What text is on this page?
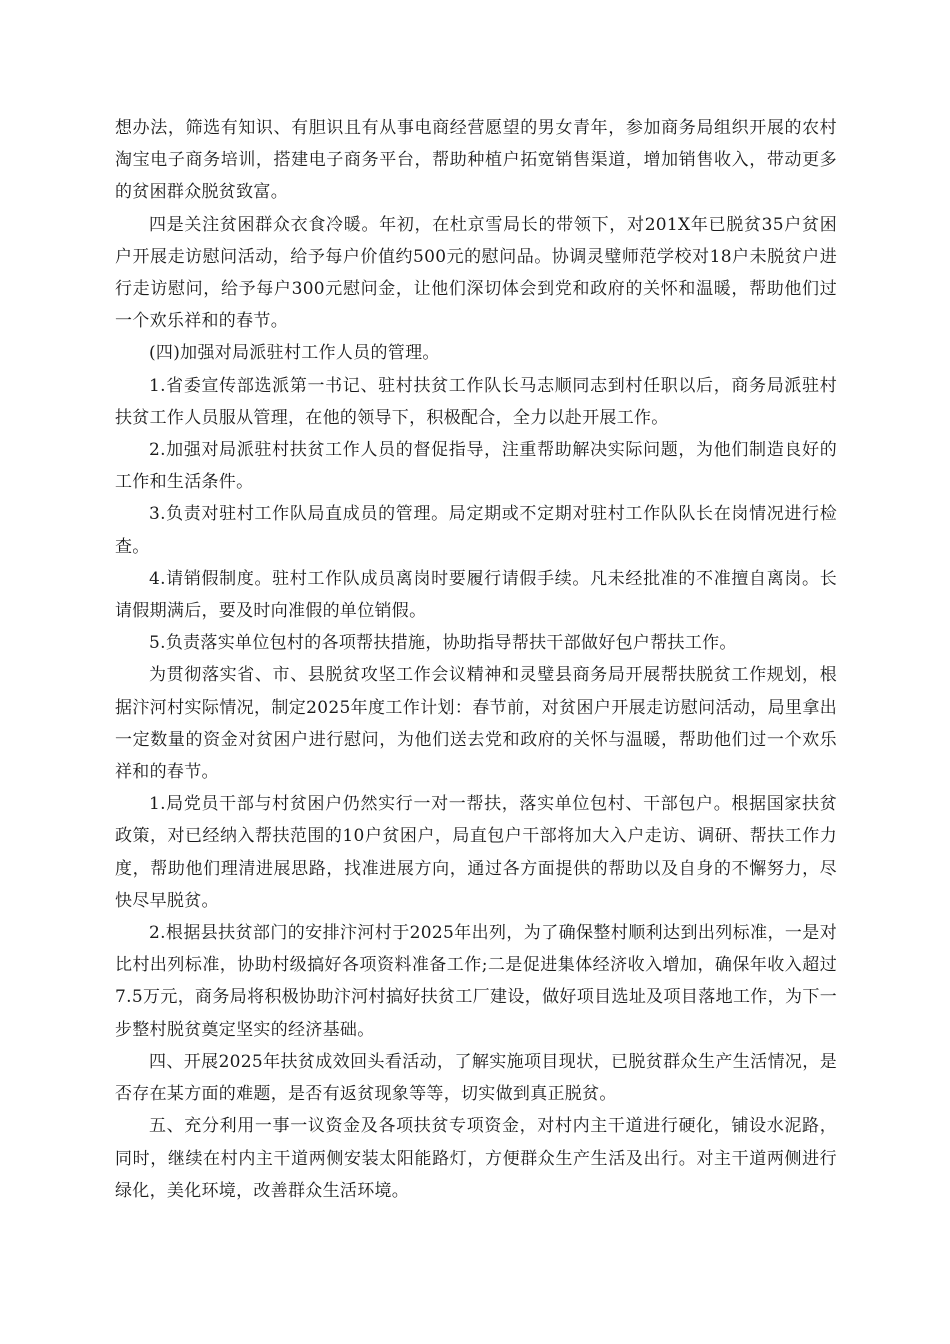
想办法，筛选有知识、有胆识且有从事电商经营愿望的男女青年，参加商务局组织开展的农村淘宝电子商务培训，搭建电子商务平台，帮助种植户拓宽销售渠道，增加销售收入，带动更多的贫困群众脱贫致富。

四是关注贫困群众衣食冷暖。年初，在杜京雪局长的带领下，对201X年已脱贫35户贫困户开展走访慰问活动，给予每户价值约500元的慰问品。协调灵璧师范学校对18户未脱贫户进行走访慰问，给予每户300元慰问金，让他们深切体会到党和政府的关怀和温暖，帮助他们过一个欢乐祥和的春节。

(四)加强对局派驻村工作人员的管理。

1.省委宣传部选派第一书记、驻村扶贫工作队长马志顺同志到村任职以后，商务局派驻村扶贫工作人员服从管理，在他的领导下，积极配合，全力以赴开展工作。

2.加强对局派驻村扶贫工作人员的督促指导，注重帮助解决实际问题，为他们制造良好的工作和生活条件。

3.负责对驻村工作队局直成员的管理。局定期或不定期对驻村工作队队长在岗情况进行检查。

4.请销假制度。驻村工作队成员离岗时要履行请假手续。凡未经批准的不准擅自离岗。长请假期满后，要及时向准假的单位销假。

5.负责落实单位包村的各项帮扶措施，协助指导帮扶干部做好包户帮扶工作。

为贯彻落实省、市、县脱贫攻坚工作会议精神和灵璧县商务局开展帮扶脱贫工作规划，根据汴河村实际情况，制定2025年度工作计划：春节前，对贫困户开展走访慰问活动，局里拿出一定数量的资金对贫困户进行慰问，为他们送去党和政府的关怀与温暖，帮助他们过一个欢乐祥和的春节。

1.局党员干部与村贫困户仍然实行一对一帮扶，落实单位包村、干部包户。根据国家扶贫政策，对已经纳入帮扶范围的10户贫困户，局直包户干部将加大入户走访、调研、帮扶工作力度，帮助他们理清进展思路，找准进展方向，通过各方面提供的帮助以及自身的不懈努力，尽快尽早脱贫。

2.根据县扶贫部门的安排汴河村于2025年出列，为了确保整村顺利达到出列标准，一是对比村出列标准，协助村级搞好各项资料准备工作;二是促进集体经济收入增加，确保年收入超过7.5万元，商务局将积极协助汴河村搞好扶贫工厂建设，做好项目选址及项目落地工作，为下一步整村脱贫奠定坚实的经济基础。

四、开展2025年扶贫成效回头看活动，了解实施项目现状，已脱贫群众生产生活情况，是否存在某方面的难题，是否有返贫现象等等，切实做到真正脱贫。

五、充分利用一事一议资金及各项扶贫专项资金，对村内主干道进行硬化，铺设水泥路，同时，继续在村内主干道两侧安装太阳能路灯，方便群众生产生活及出行。对主干道两侧进行绿化，美化环境，改善群众生活环境。
